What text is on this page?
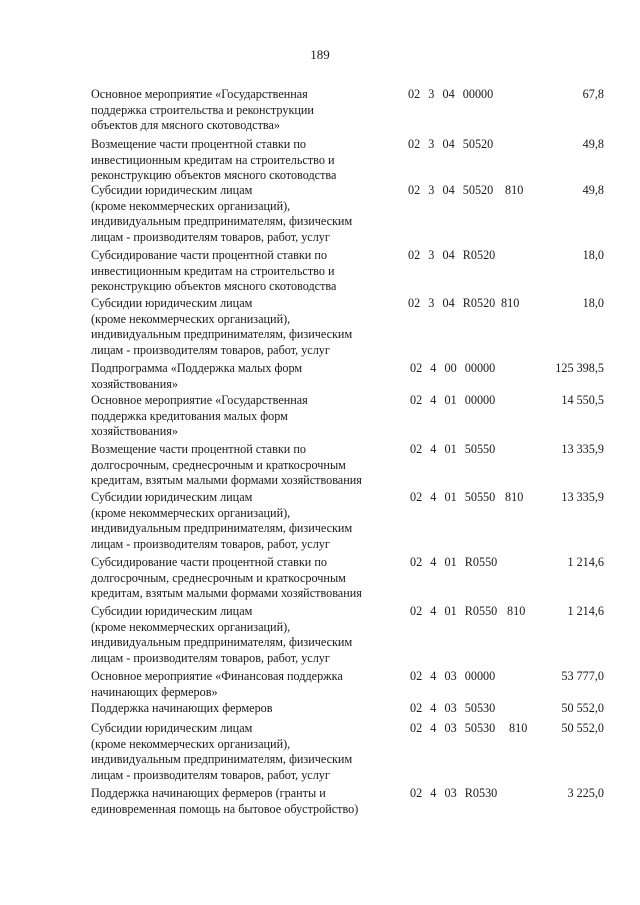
189
Основное мероприятие «Государственная
поддержка строительства и реконструкции
объектов для мясного скотоводства»
02  3  04  00000	67,8
Возмещение части процентной ставки по
инвестиционным кредитам на строительство и
реконструкцию объектов мясного скотоводства
02  3  04  50520	49,8
Субсидии юридическим лицам
(кроме некоммерческих организаций),
индивидуальным предпринимателям, физическим
лицам - производителям товаров, работ, услуг
02  3  04  50520 810	49,8
Субсидирование части процентной ставки по
инвестиционным кредитам на строительство и
реконструкцию объектов мясного скотоводства
02  3  04  R0520	18,0
Субсидии юридическим лицам
(кроме некоммерческих организаций),
индивидуальным предпринимателям, физическим
лицам - производителям товаров, работ, услуг
02  3  04  R0520 810	18,0
Подпрограмма «Поддержка малых форм
хозяйствования»
02  4  00  00000	125 398,5
Основное мероприятие «Государственная
поддержка кредитования малых форм
хозяйствования»
02  4  01  00000	14 550,5
Возмещение части процентной ставки по
долгосрочным, среднесрочным и краткосрочным
кредитам, взятым малыми формами хозяйствования
02  4  01  50550	13 335,9
Субсидии юридическим лицам
(кроме некоммерческих организаций),
индивидуальным предпринимателям, физическим
лицам - производителям товаров, работ, услуг
02  4  01  50550 810	13 335,9
Субсидирование части процентной ставки по
долгосрочным, среднесрочным и краткосрочным
кредитам, взятым малыми формами хозяйствования
02  4  01  R0550	1 214,6
Субсидии юридическим лицам
(кроме некоммерческих организаций),
индивидуальным предпринимателям, физическим
лицам - производителям товаров, работ, услуг
02  4  01  R0550 810	1 214,6
Основное мероприятие «Финансовая поддержка
начинающих фермеров»
02  4  03  00000	53 777,0
Поддержка начинающих фермеров	02  4  03  50530	50 552,0
Субсидии юридическим лицам
(кроме некоммерческих организаций),
индивидуальным предпринимателям, физическим
лицам - производителям товаров, работ, услуг
02  4  03  50530 810	50 552,0
Поддержка начинающих фермеров (гранты и
единовременная помощь на бытовое обустройство)
02  4  03  R0530	3 225,0
